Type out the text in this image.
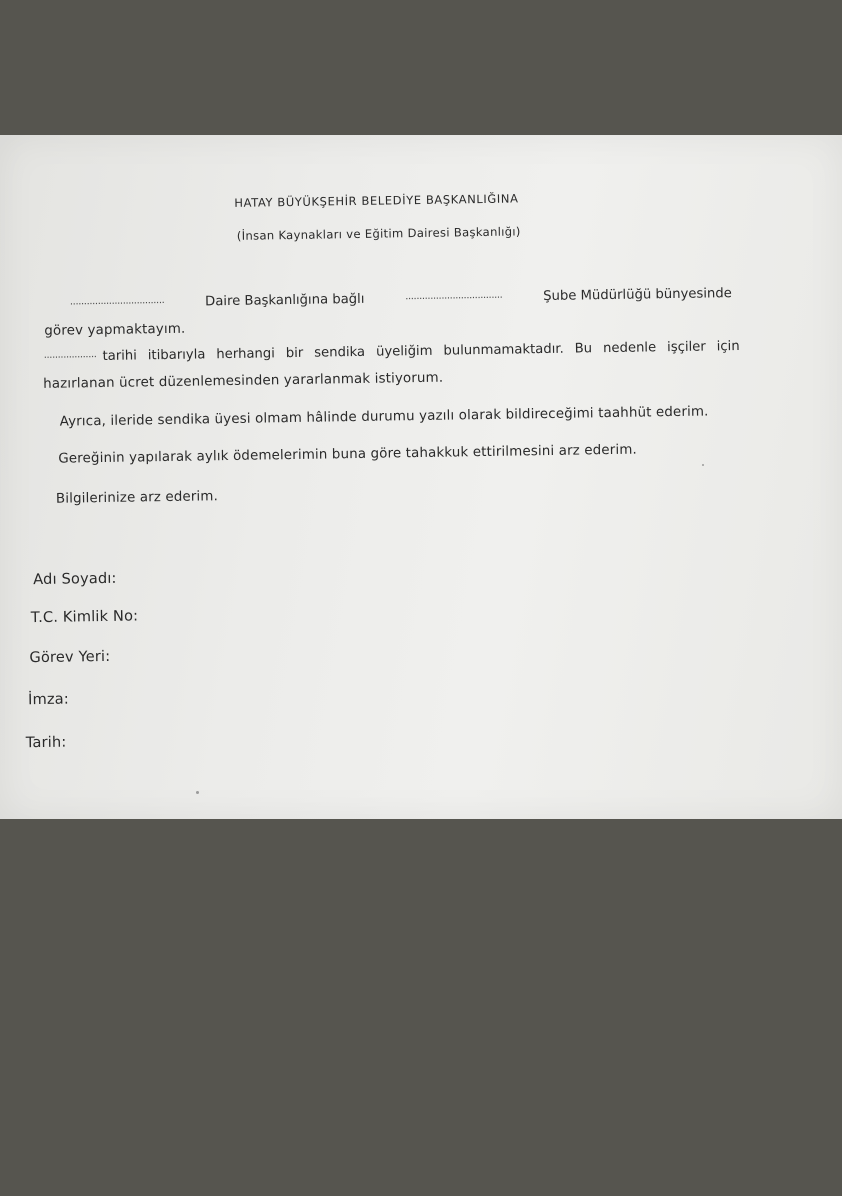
HATAY BÜYÜKŞEHİR BELEDİYE BAŞKANLIĞINA
(İnsan Kaynakları ve Eğitim Dairesi Başkanlığı)
..................................	Daire Başkanlığına bağlı	...................................	Şube Müdürlüğü bünyesinde
görev yapmaktayım.
................... tarihi itibarıyla herhangi bir sendika üyeliğim bulunmamaktadır. Bu nedenle işçiler için
hazırlanan ücret düzenlemesinden yararlanmak istiyorum.
Ayrıca, ileride sendika üyesi olmam hâlinde durumu yazılı olarak bildireceğimi taahhüt ederim.
Gereğinin yapılarak aylık ödemelerimin buna göre tahakkuk ettirilmesini arz ederim.
Bilgilerinize arz ederim.
Adı Soyadı:
T.C. Kimlik No:
Görev Yeri:
İmza:
Tarih:
